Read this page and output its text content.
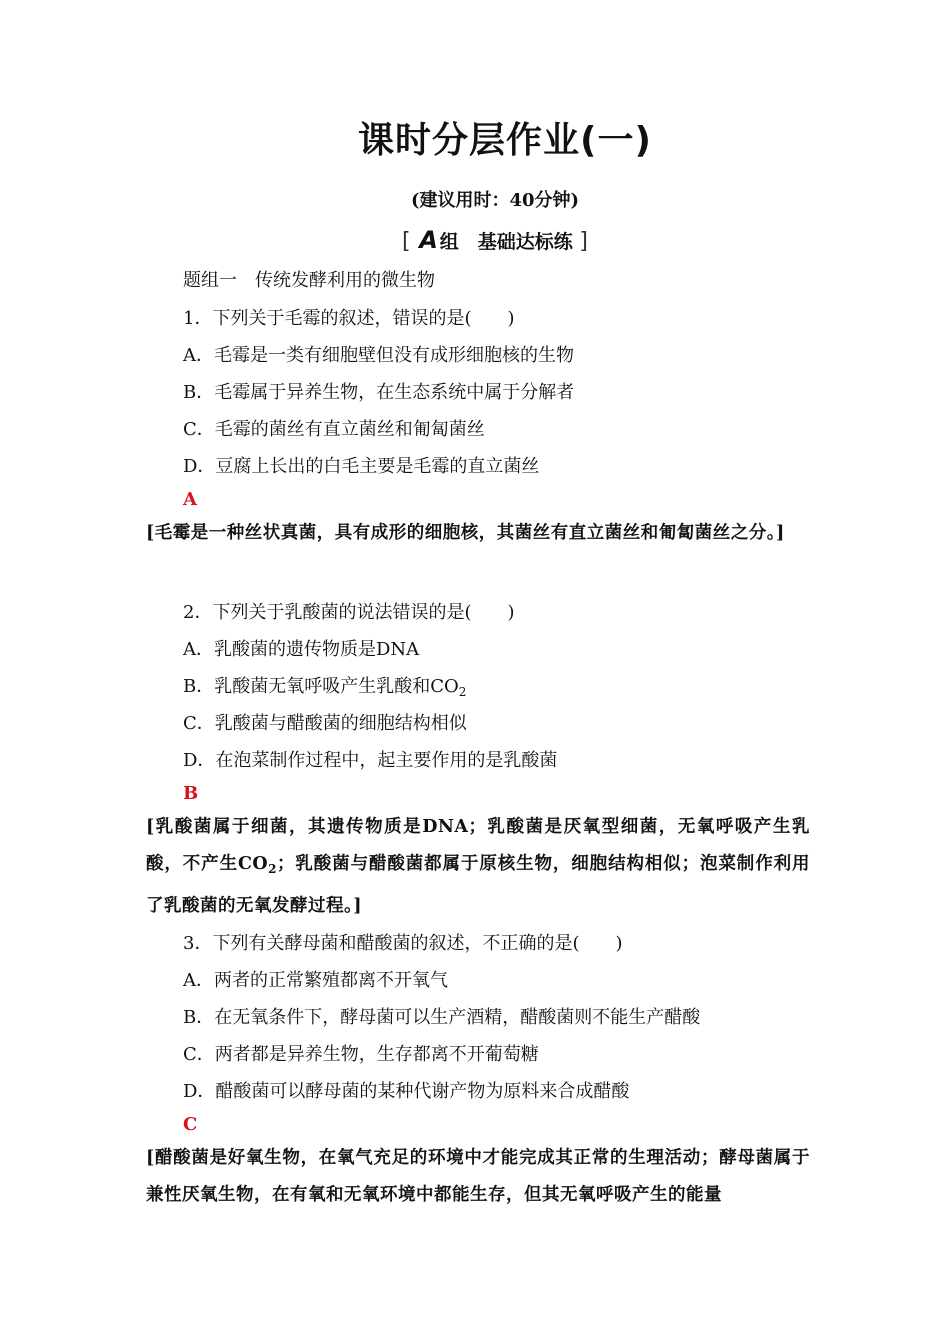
课时分层作业(一)
(建议用时：40分钟)
[ A 组　基础达标练 ]
题组一　传统发酵利用的微生物
1．下列关于毛霉的叙述，错误的是(　　)
A．毛霉是一类有细胞壁但没有成形细胞核的生物
B．毛霉属于异养生物，在生态系统中属于分解者
C．毛霉的菌丝有直立菌丝和匍匐菌丝
D．豆腐上长出的白毛主要是毛霉的直立菌丝
A
[毛霉是一种丝状真菌，具有成形的细胞核，其菌丝有直立菌丝和匍匐菌丝之分。]
2．下列关于乳酸菌的说法错误的是(　　)
A．乳酸菌的遗传物质是DNA
B．乳酸菌无氧呼吸产生乳酸和$CO_2$
C．乳酸菌与醋酸菌的细胞结构相似
D．在泡菜制作过程中，起主要作用的是乳酸菌
B
[乳酸菌属于细菌，其遗传物质是DNA；乳酸菌是厌氧型细菌，无氧呼吸产生乳酸，不产生$CO_2$；乳酸菌与醋酸菌都属于原核生物，细胞结构相似；泡菜制作利用了乳酸菌的无氧发酵过程。]
3．下列有关酵母菌和醋酸菌的叙述，不正确的是(　　)
A．两者的正常繁殖都离不开氧气
B．在无氧条件下，酵母菌可以生产酒精，醋酸菌则不能生产醋酸
C．两者都是异养生物，生存都离不开葡萄糖
D．醋酸菌可以酵母菌的某种代谢产物为原料来合成醋酸
C
[醋酸菌是好氧生物，在氧气充足的环境中才能完成其正常的生理活动；酵母菌属于兼性厌氧生物，在有氧和无氧环境中都能生存，但其无氧呼吸产生的能量
